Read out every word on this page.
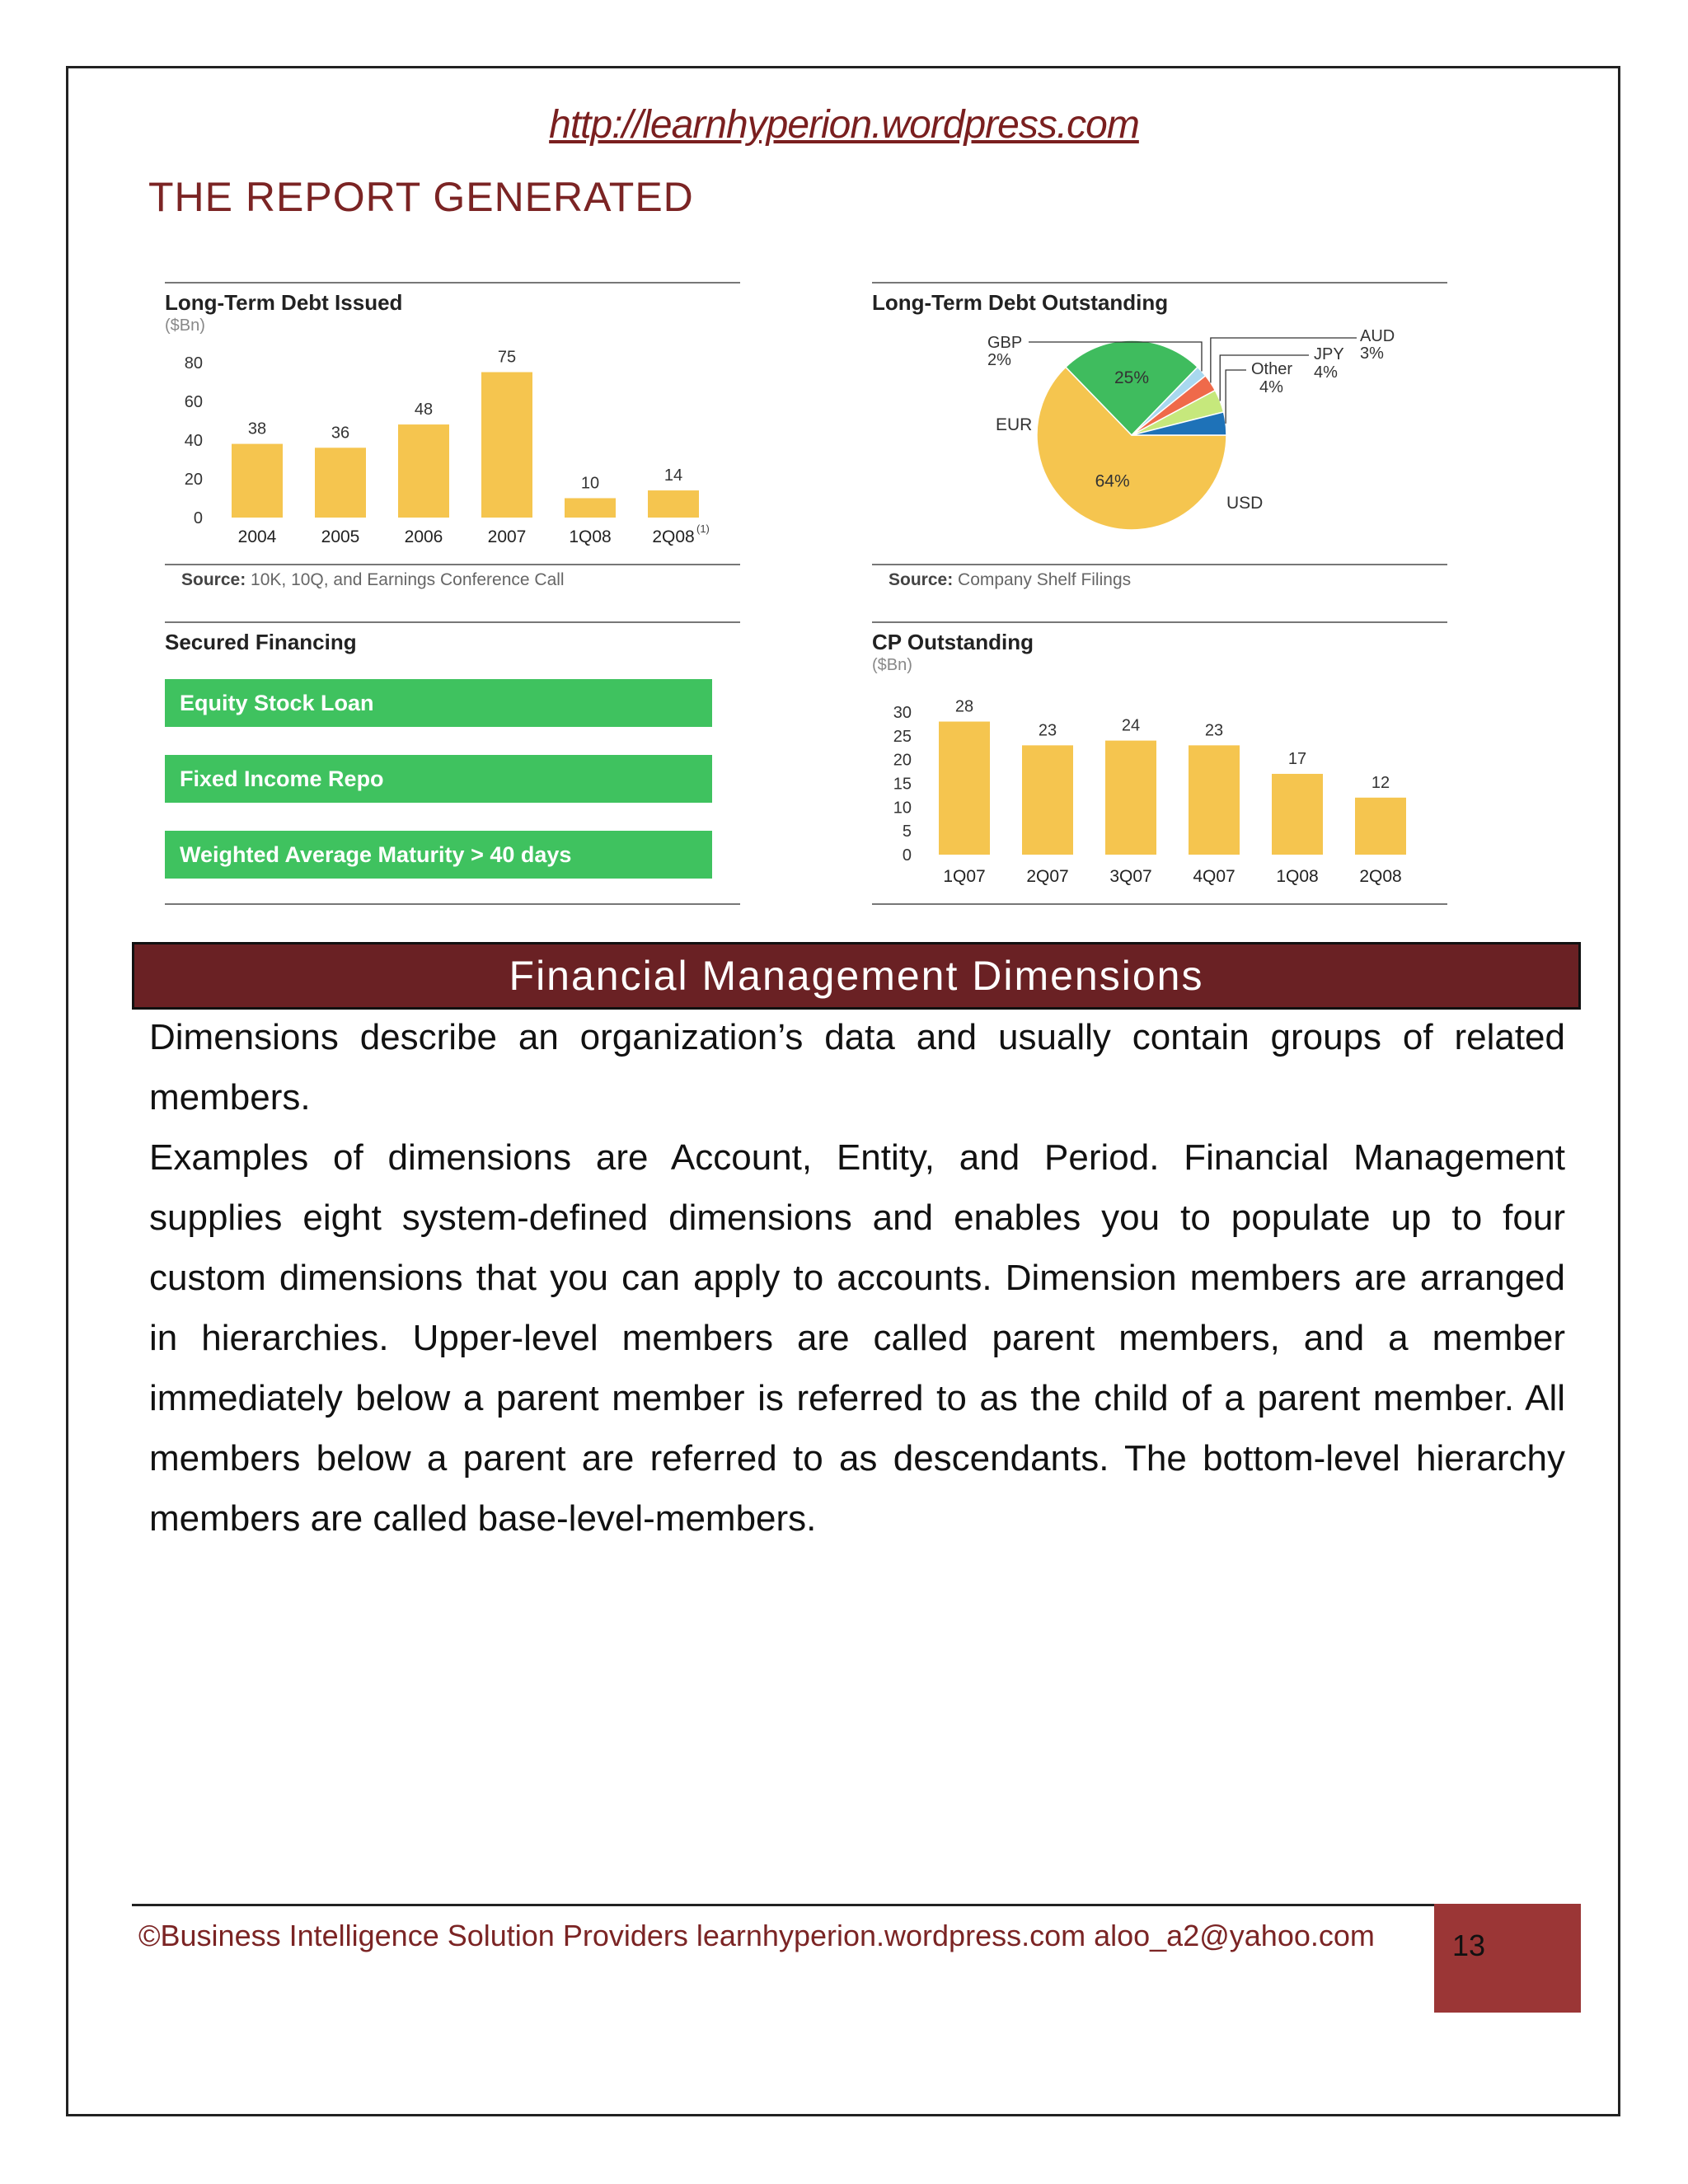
http://learnhyperion.wordpress.com
THE REPORT GENERATED
Long-Term Debt Issued
($Bn)
0
20
40
60
80
38
2004
36
2005
48
2006
75
2007
10
1Q08
14
2Q08 (1)
Source: 10K, 10Q, and Earnings Conference Call
Long-Term Debt Outstanding
64%
25%
EUR
USD
GBP
2%
AUD
3%
JPY
4%
Other
4%
Source: Company Shelf Filings
Secured Financing
Equity Stock Loan
Fixed Income Repo
Weighted Average Maturity > 40 days
CP Outstanding
($Bn)
0
5
10
15
20
25
30	28
1Q07
23
2Q07
24
3Q07
23
4Q07
17
1Q08
12
2Q08
Financial Management Dimensions

Dimensions describe an organization’s data and usually contain groups of related members.

Examples of dimensions are Account, Entity, and Period. Financial Management supplies eight system-defined dimensions and enables you to populate up to four custom dimensions that you can apply to accounts. Dimension members are arranged in hierarchies. Upper-level members are called parent members, and a member immediately below a parent member is referred to as the child of a parent member. All members below a parent are referred to as descendants. The bottom-level hierarchy members are called base-level-members.

©Business Intelligence Solution Providers learnhyperion.wordpress.com aloo_a2@yahoo.com	13
